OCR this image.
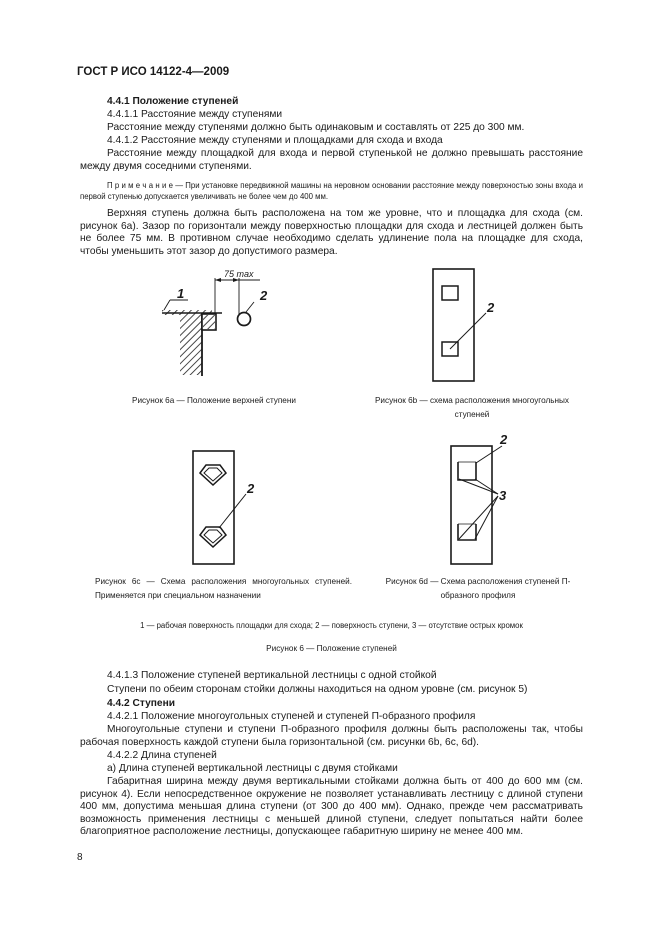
ГОСТ Р ИСО 14122-4—2009

4.4.1 Положение ступеней

4.4.1.1 Расстояние между ступенями

Расстояние между ступенями должно быть одинаковым и составлять от 225 до 300 мм.

4.4.1.2 Расстояние между ступенями и площадками для схода и входа

Расстояние между площадкой для входа и первой ступенькой не должно превышать расстояние между двумя соседними ступенями.

П р и м е ч а н и е — При установке передвижной машины на неровном основании расстояние между поверхностью зоны входа и первой ступенью допускается увеличивать не более чем до 400 мм.

Верхняя ступень должна быть расположена на том же уровне, что и площадка для схода (см. рисунок 6а). Зазор по горизонтали между поверхностью площадки для схода и лестницей должен быть не более 75 мм. В противном случае необходимо сделать удлинение пола на площадке для схода, чтобы уменьшить этот зазор до допустимого размера.

75 max
1	2
2
Рисунок 6а — Положение верхней ступени	Рисунок 6b — схема расположения многоугольных ступеней
2
2
3
Рисунок 6с — Схема расположения многоугольных ступеней. Применяется при специальном назначении
Рисунок 6d — Схема расположения ступеней П-образного профиля
1 — рабочая поверхность площадки для схода; 2 — поверхность ступени, 3 — отсутствие острых кромок
Рисунок 6 — Положение ступеней

4.4.1.3 Положение ступеней вертикальной лестницы с одной стойкой

Ступени по обеим сторонам стойки должны находиться на одном уровне (см. рисунок 5)

4.4.2 Ступени

4.4.2.1 Положение многоугольных ступеней и ступеней П-образного профиля

Многоугольные ступени и ступени П-образного профиля должны быть расположены так, чтобы рабочая поверхность каждой ступени была горизонтальной (см. рисунки 6b, 6c, 6d).

4.4.2.2 Длина ступеней

а) Длина ступеней вертикальной лестницы с двумя стойками

Габаритная ширина между двумя вертикальными стойками должна быть от 400 до 600 мм (см. рисунок 4). Если непосредственное окружение не позволяет устанавливать лестницу с длиной ступени 400 мм, допустима меньшая длина ступени (от 300 до 400 мм). Однако, прежде чем рассматривать возможность применения лестницы с меньшей длиной ступени, следует попытаться найти более благоприятное расположение лестницы, допускающее габаритную ширину не менее 400 мм.

8
